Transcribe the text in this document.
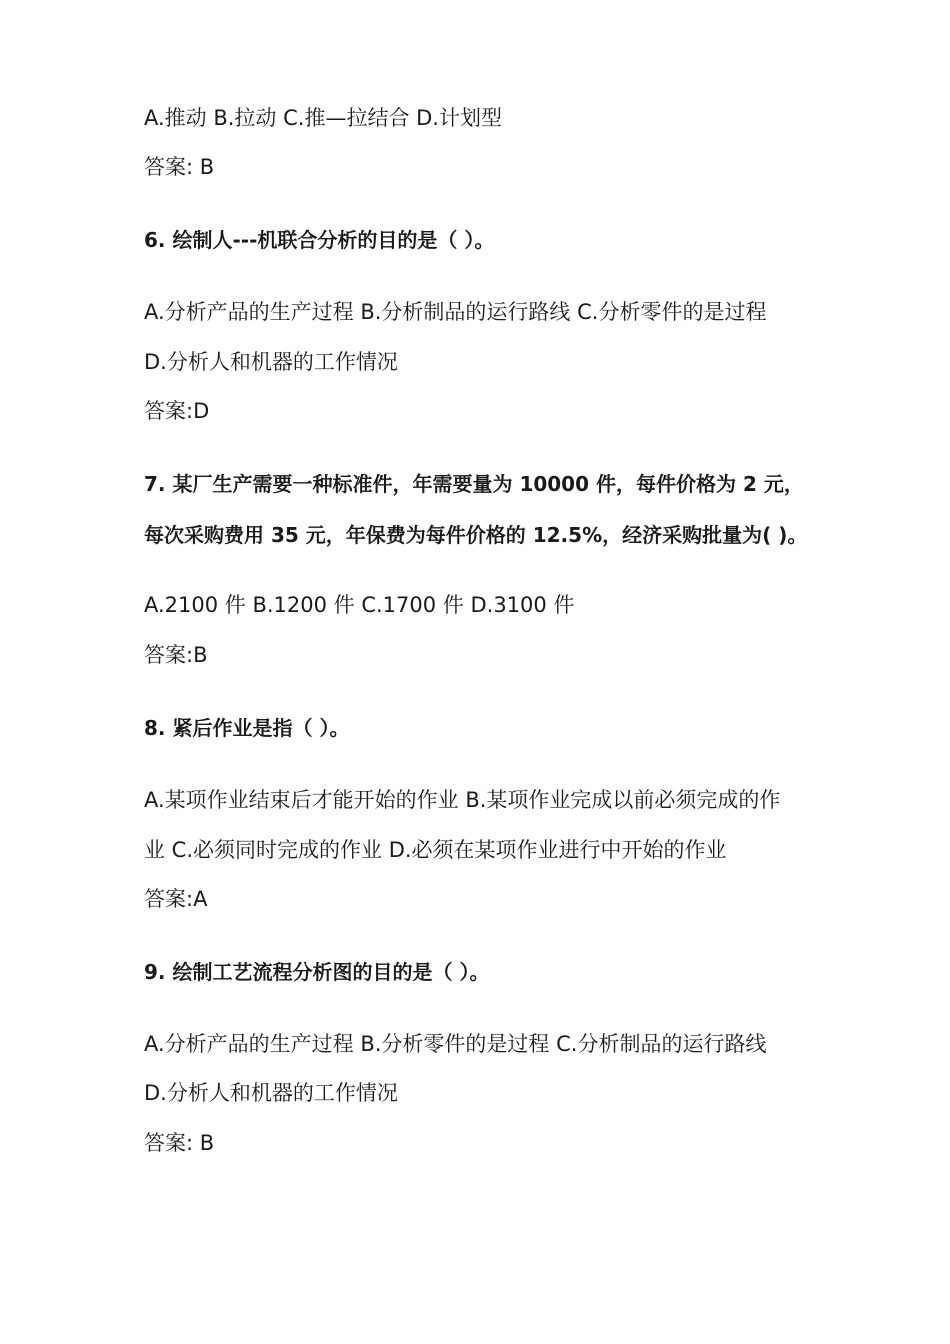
A.推动 B.拉动 C.推—拉结合 D.计划型
答案: B
6. 绘制人---机联合分析的目的是（ ）。
A.分析产品的生产过程 B.分析制品的运行路线 C.分析零件的是过程
D.分析人和机器的工作情况
答案:D
7. 某厂生产需要一种标准件，年需要量为 10000 件，每件价格为 2 元，
每次采购费用 35 元，年保费为每件价格的 12.5%，经济采购批量为( )。
A.2100 件 B.1200 件 C.1700 件 D.3100 件
答案:B
8. 紧后作业是指（ ）。
A.某项作业结束后才能开始的作业 B.某项作业完成以前必须完成的作
业 C.必须同时完成的作业 D.必须在某项作业进行中开始的作业
答案:A
9. 绘制工艺流程分析图的目的是（ ）。
A.分析产品的生产过程 B.分析零件的是过程 C.分析制品的运行路线
D.分析人和机器的工作情况
答案: B
